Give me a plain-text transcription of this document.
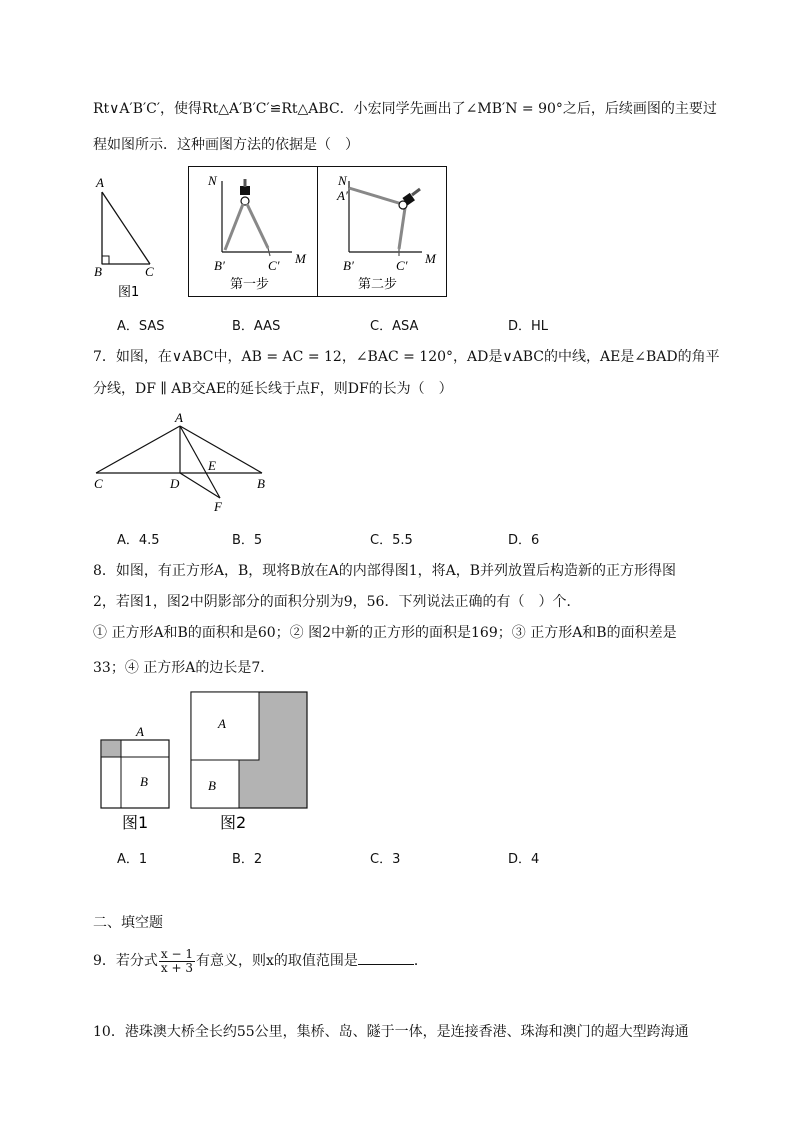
Rt∨A′B′C′，使得Rt△A′B′C′≌Rt△ABC．小宏同学先画出了∠MB′N = 90°之后，后续画图的主要过
程如图所示．这种画图方法的依据是（　）
A
B	C
图1
N
M
B′	C′
第一步
N
A′
M
B′	C′
第二步
A．SAS	B．AAS	C．ASA	D．HL
7．如图，在∨ABC中，AB = AC = 12，∠BAC = 120°，AD是∨ABC的中线，AE是∠BAD的角平
分线，DF ∥ AB交AE的延长线于点F，则DF的长为（　）
A
C	D	B
E
F
A．4.5	B．5	C．5.5	D．6
8．如图，有正方形A，B，现将B放在A的内部得图1，将A，B并列放置后构造新的正方形得图
2，若图1，图2中阴影部分的面积分别为9，56．下列说法正确的有（　）个．
① 正方形A和B的面积和是60；② 图2中新的正方形的面积是169；③ 正方形A和B的面积差是
33；④ 正方形A的边长是7．
A
B
图1
A
B
图2
A．1	B．2	C．3	D．4
二、填空题
9．若分式 $\frac{x - 1}{x + 3}$ 有意义，则x的取值范围是	．
10．港珠澳大桥全长约55公里，集桥、岛、隧于一体，是连接香港、珠海和澳门的超大型跨海通
